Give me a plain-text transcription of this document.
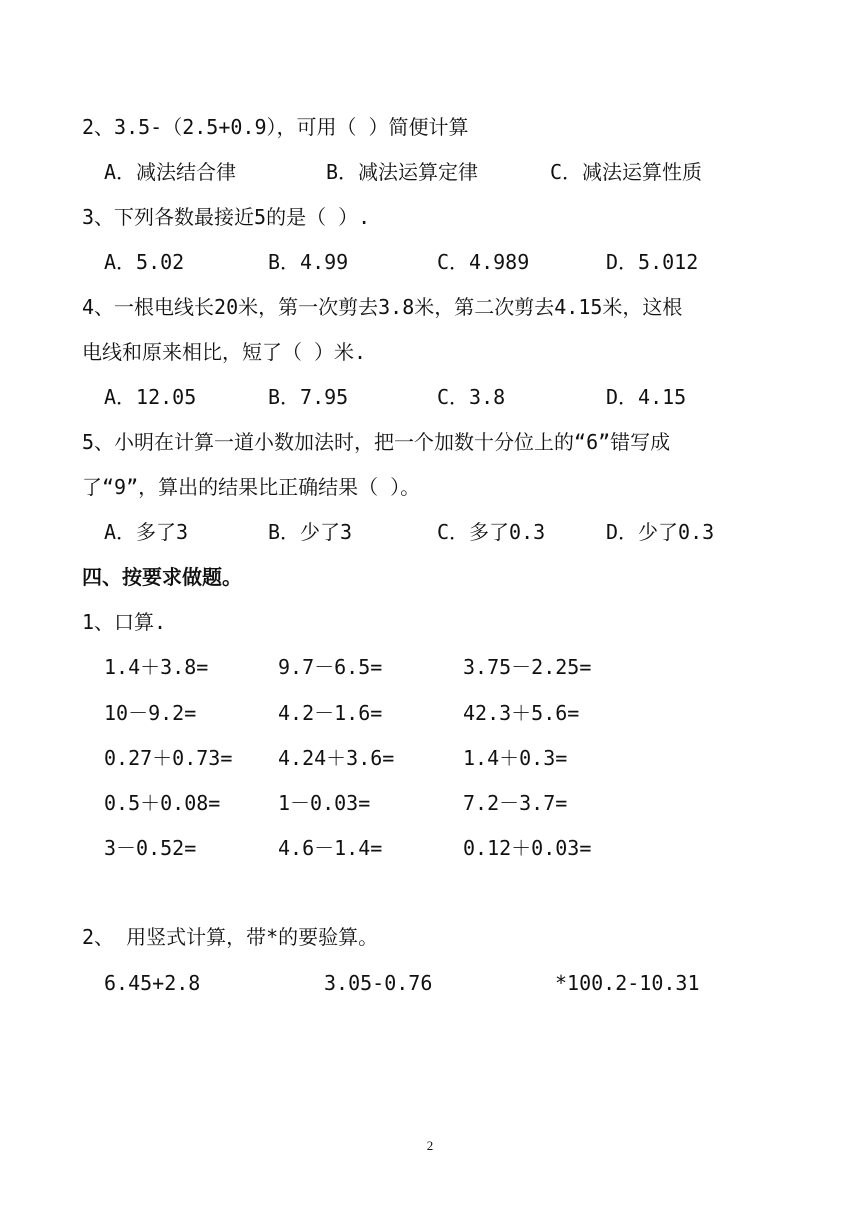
2、3.5-（2.5+0.9），可用（ ）简便计算
A．减法结合律	B．减法运算定律	C．减法运算性质
3、下列各数最接近5的是（ ）.
A．5.02	B．4.99	C．4.989	D．5.012
4、一根电线长20米，第一次剪去3.8米，第二次剪去4.15米，这根
电线和原来相比，短了（ ）米.
A．12.05	B．7.95	C．3.8	D．4.15
5、小明在计算一道小数加法时，把一个加数十分位上的“6”错写成
了“9”，算出的结果比正确结果（ ）。
A．多了3	B．少了3	C．多了0.3	D．少了0.3
四、按要求做题。
1、口算.
1.4＋3.8=	9.7－6.5=	3.75－2.25=
10－9.2=	4.2－1.6=	42.3＋5.6=
0.27＋0.73= 4.24＋3.6=	1.4＋0.3=
0.5＋0.08=	1－0.03=	7.2－3.7=
3－0.52=	4.6－1.4=	0.12＋0.03=
2、 用竖式计算，带*的要验算。
6.45+2.8	3.05-0.76	*100.2-10.31
2
